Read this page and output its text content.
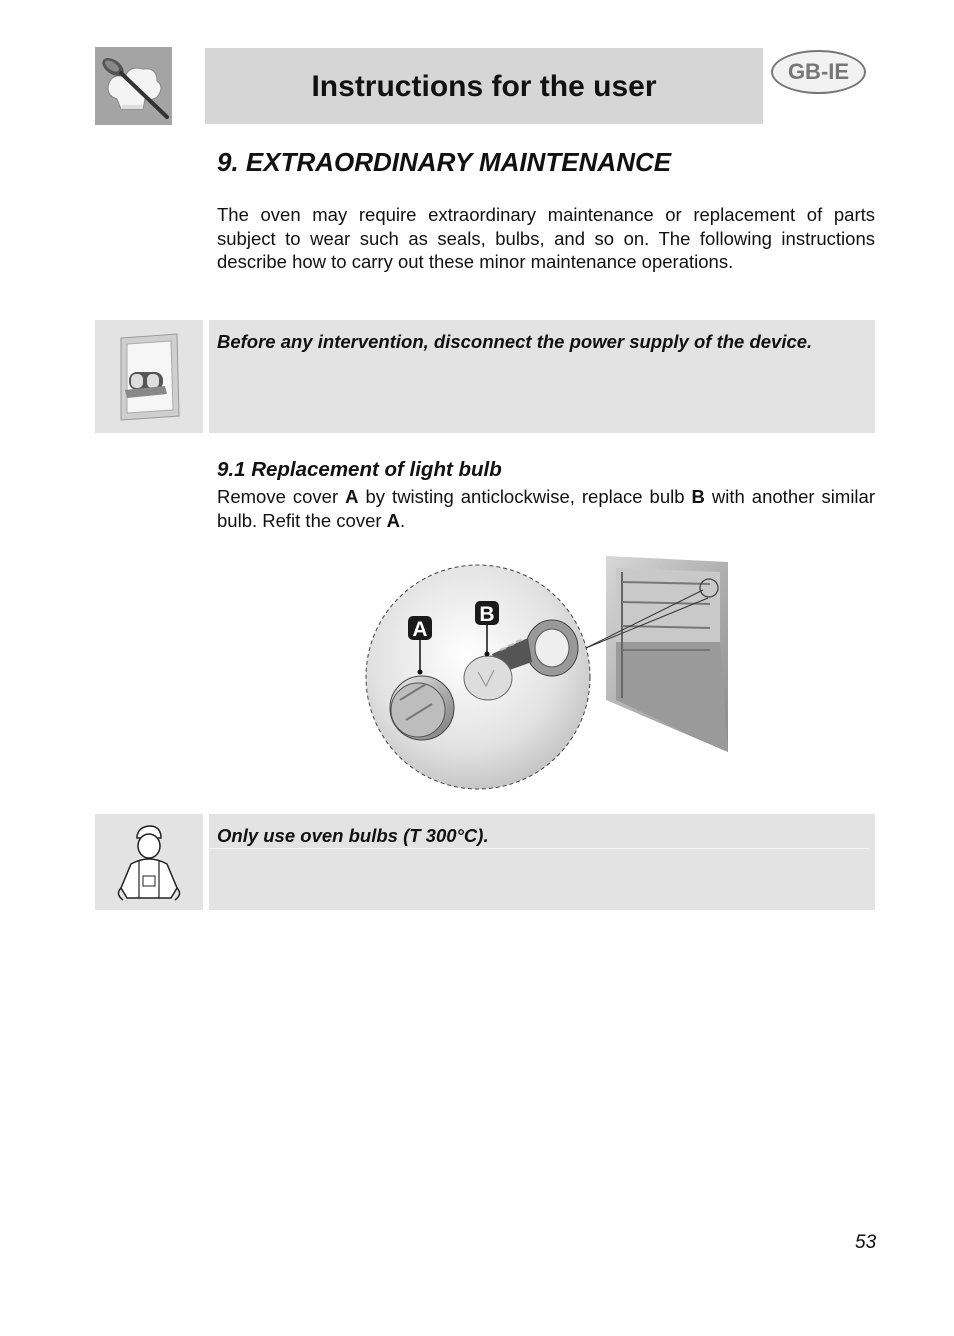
Instructions for the user	GB-IE
9. EXTRAORDINARY MAINTENANCE
The oven may require extraordinary maintenance or replacement of parts subject to wear such as seals, bulbs, and so on. The following instructions describe how to carry out these minor maintenance operations.
Before any intervention, disconnect the power supply of the device.
9.1 Replacement of light bulb
Remove cover A by twisting anticlockwise, replace bulb B with another similar bulb. Refit the cover A.
A
B
Only use oven bulbs (T 300°C).
53
